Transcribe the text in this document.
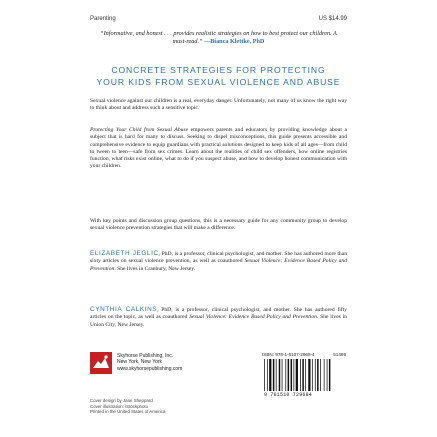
Parenting	US $14.99
“Informative, and honest . . . provides realistic strategies on how to best protect our children. A must-read.” —Bianca Klettke, PhD
CONCRETE STRATEGIES FOR PROTECTING
YOUR KIDS FROM SEXUAL VIOLENCE AND ABUSE
Sexual violence against our children is a real, everyday danger. Unfortunately, not many of us know the right way to think about and address such a sensitive topic.
Protecting Your Child from Sexual Abuse empowers parents and educators by providing knowledge about a subject that is hard for many to discuss. Seeking to dispel misconceptions, this guide presents accessible and comprehensive evidence to equip guardians with practical solutions designed to keep kids of all ages—from child to tween to teen—safe from sex crimes. Learn about the realities of child sex offenders, how online registries function, what risks exist online, what to do if you suspect abuse, and how to develop honest communication with your children.
With key points and discussion group questions, this is a necessary guide for any community group to develop sexual violence prevention strategies that will make a difference.
ELIZABETH JEGLIC, PhD, is a professor, clinical psychologist, and mother. She has authored more than sixty articles on sexual violence prevention, as well as coauthored Sexual Violence: Evidence Based Policy and Prevention. She lives in Cranbury, New Jersey.
CYNTHIA CALKINS, PhD, is a professor, clinical psychologist, and mother. She has authored fifty articles on the topic, as well as coauthored Sexual Violence: Evidence Based Policy and Prevention. She lives in Union City, New Jersey.
Skyhorse Publishing, Inc.
New York, New York
www.skyhorsepublishing.com
Cover design by Jane Sheppard
Cover illustration: iStockphoto
Printed in the United States of America
ISBN: 978-1-5107-2968-4	51499
9 781510 729684
